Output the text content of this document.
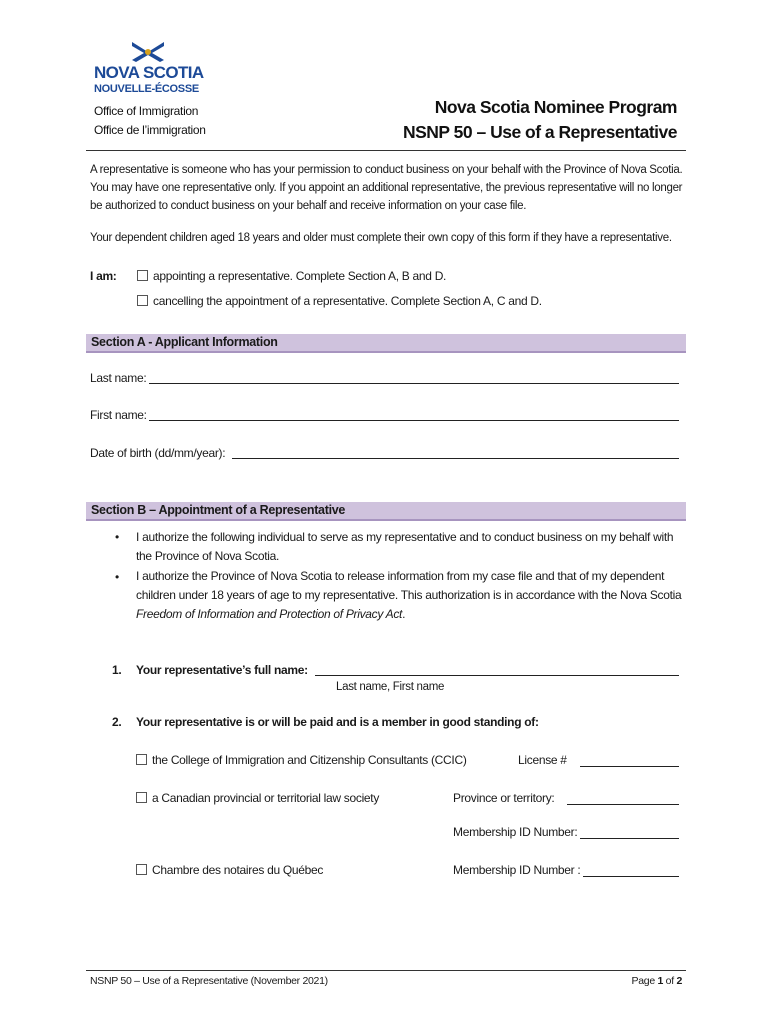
NOVA SCOTIA
NOUVELLE-ÉCOSSE
Office of Immigration
Office de l’immigration
Nova Scotia Nominee Program
NSNP 50 – Use of a Representative
A representative is someone who has your permission to conduct business on your behalf with the Province of Nova Scotia. You may have one representative only. If you appoint an additional representative, the previous representative will no longer be authorized to conduct business on your behalf and receive information on your case file.
Your dependent children aged 18 years and older must complete their own copy of this form if they have a representative.
I am:	appointing a representative. Complete Section A, B and D.
cancelling the appointment of a representative. Complete Section A, C and D.
Section A - Applicant Information
Last name:
First name:
Date of birth (dd/mm/year):
Section B – Appointment of a Representative
• I authorize the following individual to serve as my representative and to conduct business on my behalf with the Province of Nova Scotia.
• I authorize the Province of Nova Scotia to release information from my case file and that of my dependent children under 18 years of age to my representative. This authorization is in accordance with the Nova Scotia Freedom of Information and Protection of Privacy Act.
1. Your representative’s full name:
Last name, First name
2. Your representative is or will be paid and is a member in good standing of:
the College of Immigration and Citizenship Consultants (CCIC)	License #
a Canadian provincial or territorial law society	Province or territory:
Membership ID Number:
Chambre des notaires du Québec	Membership ID Number :
NSNP 50 – Use of a Representative (November 2021)	Page 1 of 2
